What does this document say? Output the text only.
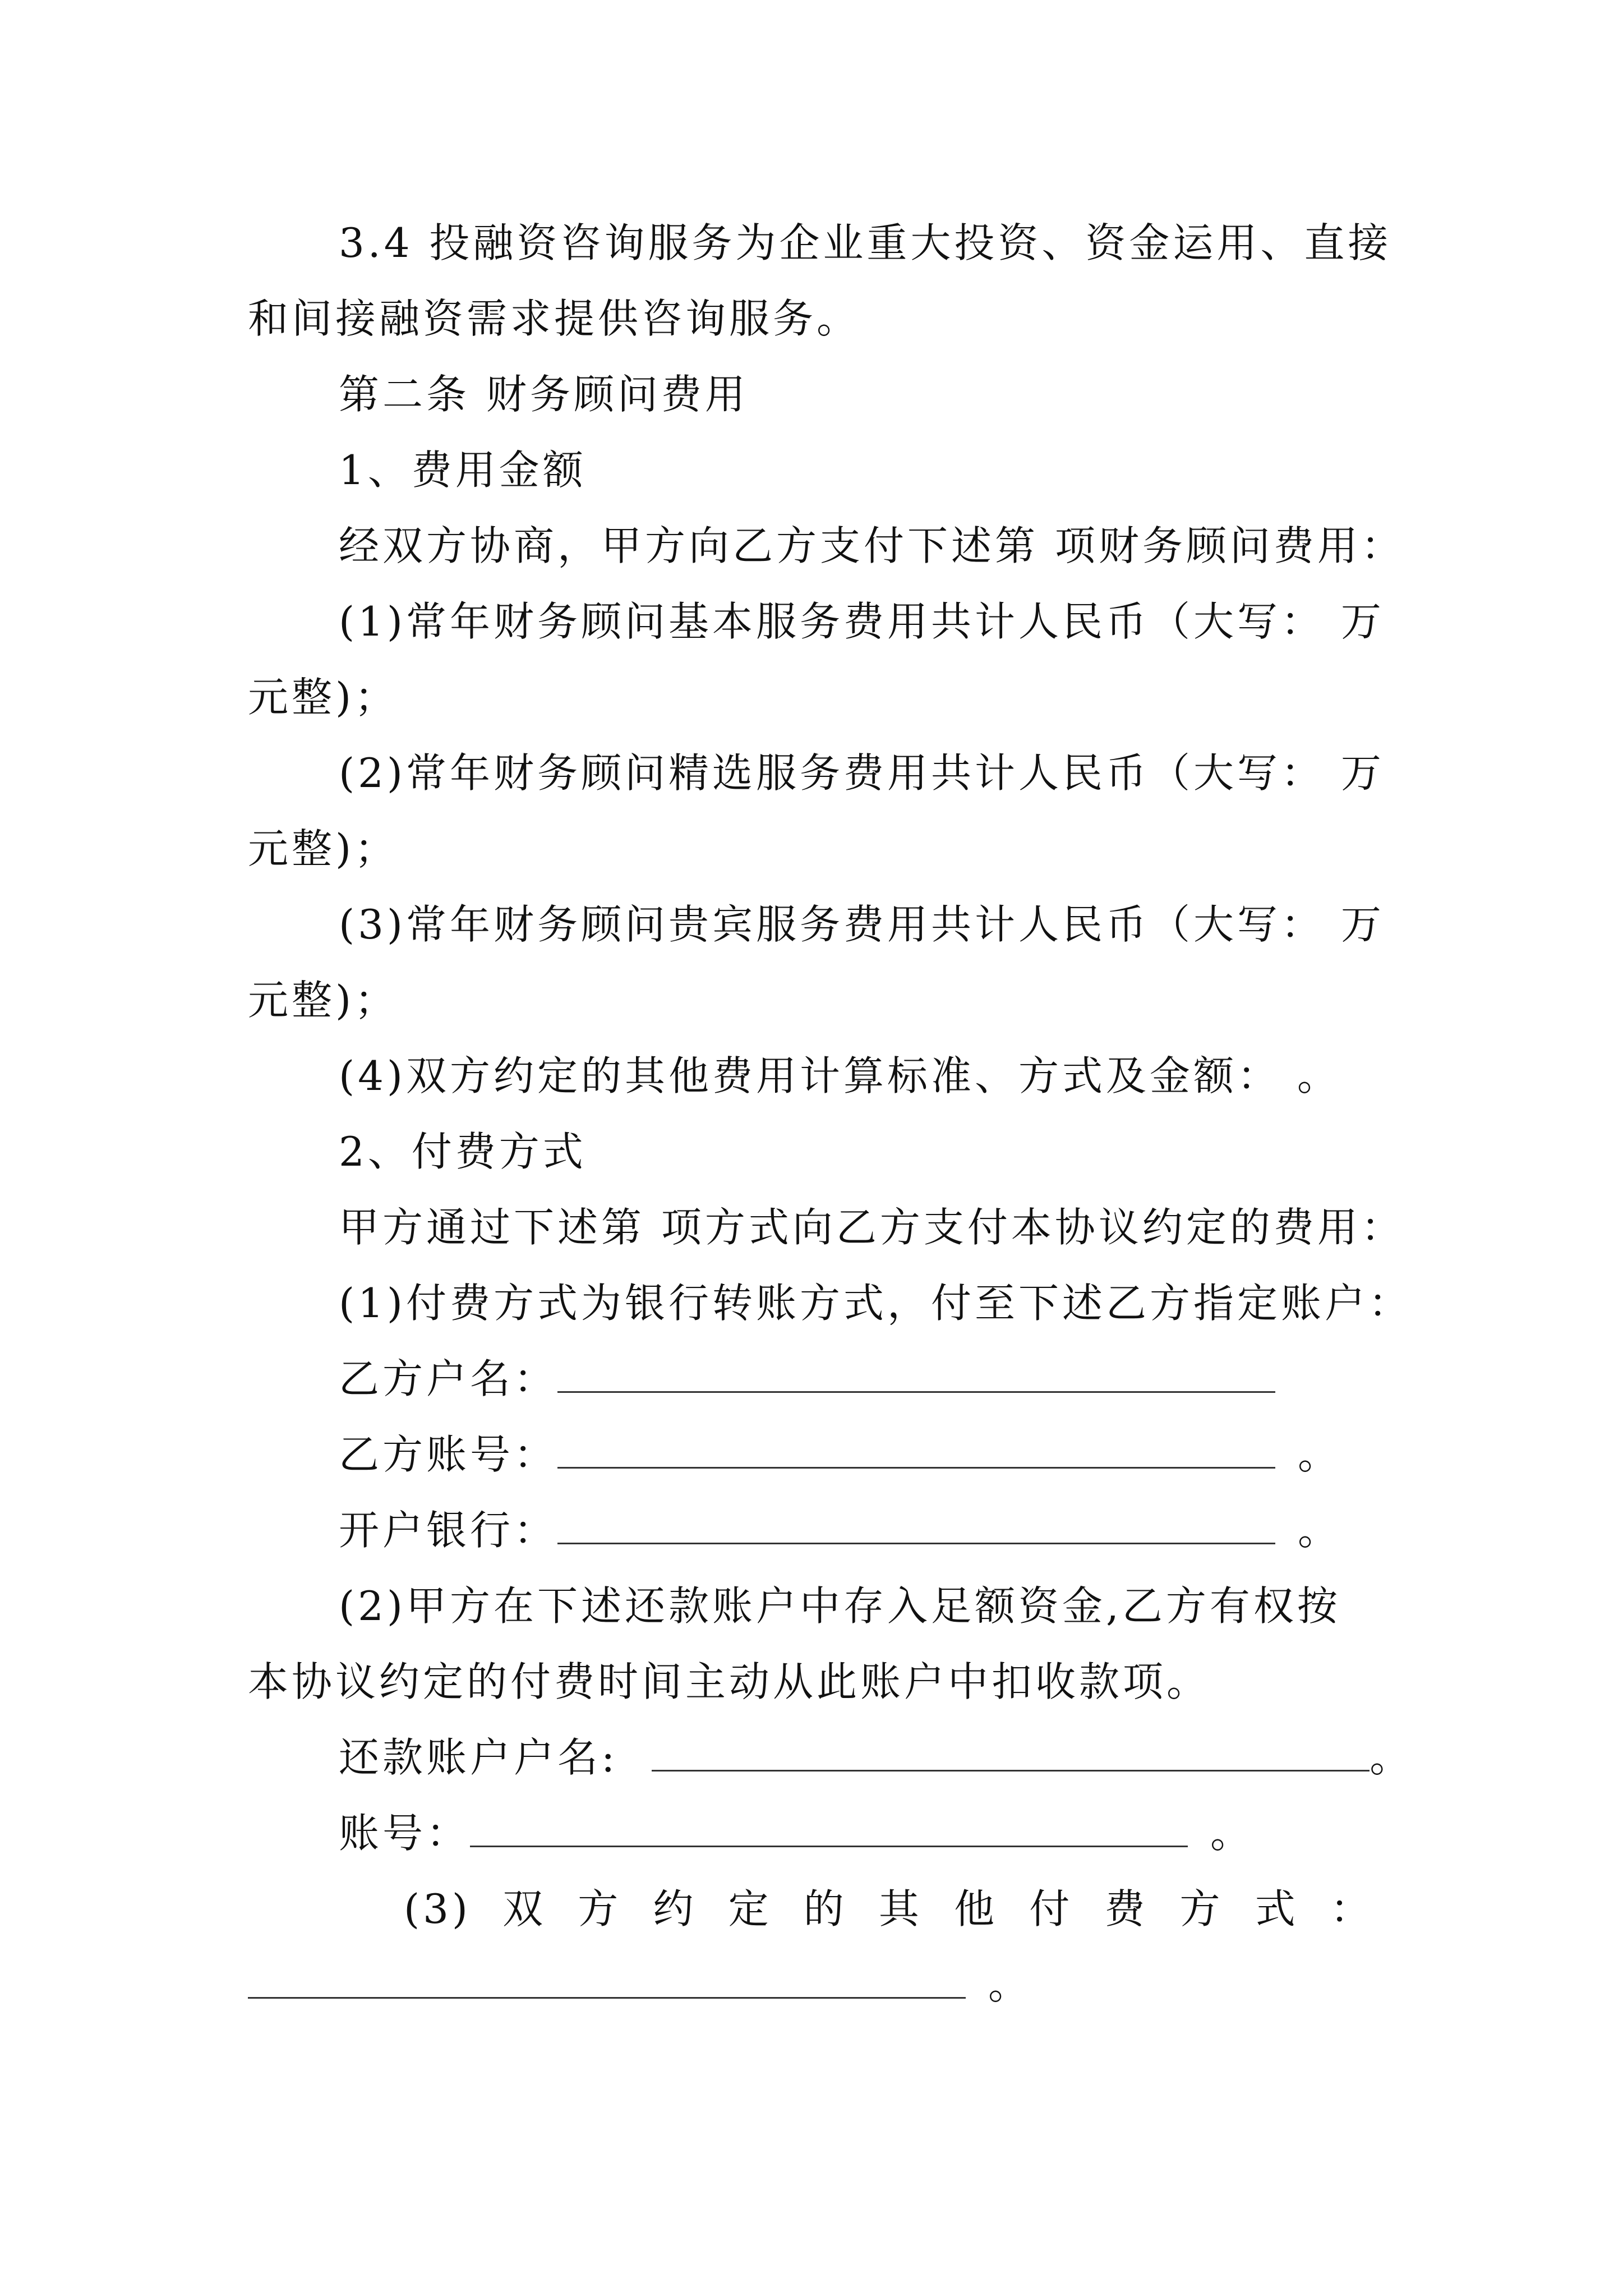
3.4 投融资咨询服务为企业重大投资、资金运用、直接
和间接融资需求提供咨询服务。
第二条 财务顾问费用
1、费用金额
经双方协商，甲方向乙方支付下述第 项财务顾问费用：
(1)常年财务顾问基本服务费用共计人民币（大写： 万
元整)；
(2)常年财务顾问精选服务费用共计人民币（大写： 万
元整)；
(3)常年财务顾问贵宾服务费用共计人民币（大写： 万
元整)；
(4)双方约定的其他费用计算标准、方式及金额： 。
2、付费方式
甲方通过下述第 项方式向乙方支付本协议约定的费用：
(1)付费方式为银行转账方式，付至下述乙方指定账户：
乙方户名：
乙方账号：	。
开户银行：	。
(2)甲方在下述还款账户中存入足额资金,乙方有权按
本协议约定的付费时间主动从此账户中扣收款项。
还款账户户名:	。
账号：	。
(3) 双 方 约 定 的 其 他 付 费 方 式 ：
。
